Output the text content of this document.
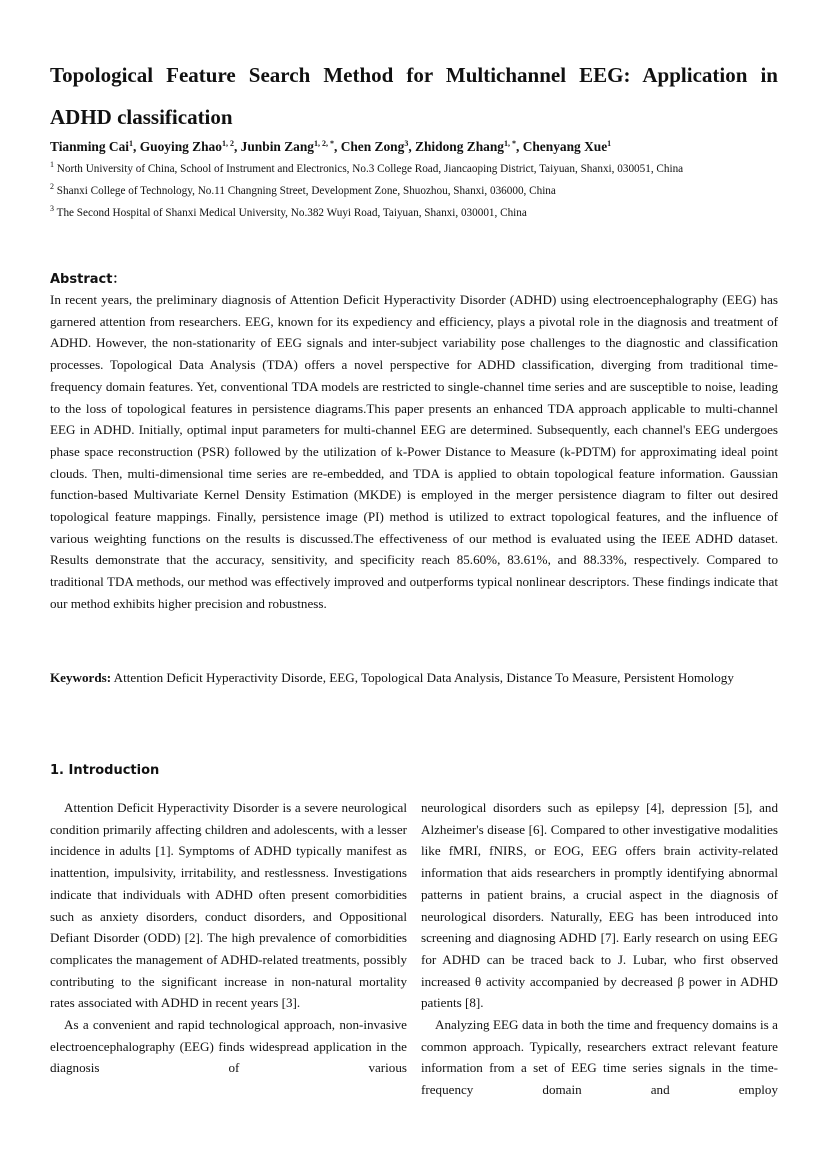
Topological Feature Search Method for Multichannel EEG: Application in ADHD classification
Tianming Cai$^1$, Guoying Zhao$^{1, 2}$, Junbin Zang$^{1, 2, *}$, Chen Zong$^3$, Zhidong Zhang$^{1, *}$, Chenyang Xue$^1$
$^1$ North University of China, School of Instrument and Electronics, No.3 College Road, Jiancaoping District, Taiyuan, Shanxi, 030051, China
$^2$ Shanxi College of Technology, No.11 Changning Street, Development Zone, Shuozhou, Shanxi, 036000, China
$^3$ The Second Hospital of Shanxi Medical University, No.382 Wuyi Road, Taiyuan, Shanxi, 030001, China
Abstract：

In recent years, the preliminary diagnosis of Attention Deficit Hyperactivity Disorder (ADHD) using electroencephalography (EEG) has garnered attention from researchers. EEG, known for its expediency and efficiency, plays a pivotal role in the diagnosis and treatment of ADHD. However, the non-stationarity of EEG signals and inter-subject variability pose challenges to the diagnostic and classification processes. Topological Data Analysis (TDA) offers a novel perspective for ADHD classification, diverging from traditional time-frequency domain features. Yet, conventional TDA models are restricted to single-channel time series and are susceptible to noise, leading to the loss of topological features in persistence diagrams.This paper presents an enhanced TDA approach applicable to multi-channel EEG in ADHD. Initially, optimal input parameters for multi-channel EEG are determined. Subsequently, each channel's EEG undergoes phase space reconstruction (PSR) followed by the utilization of k-Power Distance to Measure (k-PDTM) for approximating ideal point clouds. Then, multi-dimensional time series are re-embedded, and TDA is applied to obtain topological feature information. Gaussian function-based Multivariate Kernel Density Estimation (MKDE) is employed in the merger persistence diagram to filter out desired topological feature mappings. Finally, persistence image (PI) method is utilized to extract topological features, and the influence of various weighting functions on the results is discussed.The effectiveness of our method is evaluated using the IEEE ADHD dataset. Results demonstrate that the accuracy, sensitivity, and specificity reach 85.60%, 83.61%, and 88.33%, respectively. Compared to traditional TDA methods, our method was effectively improved and outperforms typical nonlinear descriptors. These findings indicate that our method exhibits higher precision and robustness.

Keywords: Attention Deficit Hyperactivity Disorde, EEG, Topological Data Analysis, Distance To Measure, Persistent Homology

1. Introduction

Attention Deficit Hyperactivity Disorder is a severe neurological condition primarily affecting children and adolescents, with a lesser incidence in adults [1]. Symptoms of ADHD typically manifest as inattention, impulsivity, irritability, and restlessness. Investigations indicate that individuals with ADHD often present comorbidities such as anxiety disorders, conduct disorders, and Oppositional Defiant Disorder (ODD) [2]. The high prevalence of comorbidities complicates the management of ADHD-related treatments, possibly contributing to the significant increase in non-natural mortality rates associated with ADHD in recent years [3].

As a convenient and rapid technological approach, non-invasive electroencephalography (EEG) finds widespread application in the diagnosis of various

neurological disorders such as epilepsy [4], depression [5], and Alzheimer's disease [6]. Compared to other investigative modalities like fMRI, fNIRS, or EOG, EEG offers brain activity-related information that aids researchers in promptly identifying abnormal patterns in patient brains, a crucial aspect in the diagnosis of neurological disorders. Naturally, EEG has been introduced into screening and diagnosing ADHD [7]. Early research on using EEG for ADHD can be traced back to J. Lubar, who first observed increased θ activity accompanied by decreased β power in ADHD patients [8].

Analyzing EEG data in both the time and frequency domains is a common approach. Typically, researchers extract relevant feature information from a set of EEG time series signals in the time-frequency domain and employ
